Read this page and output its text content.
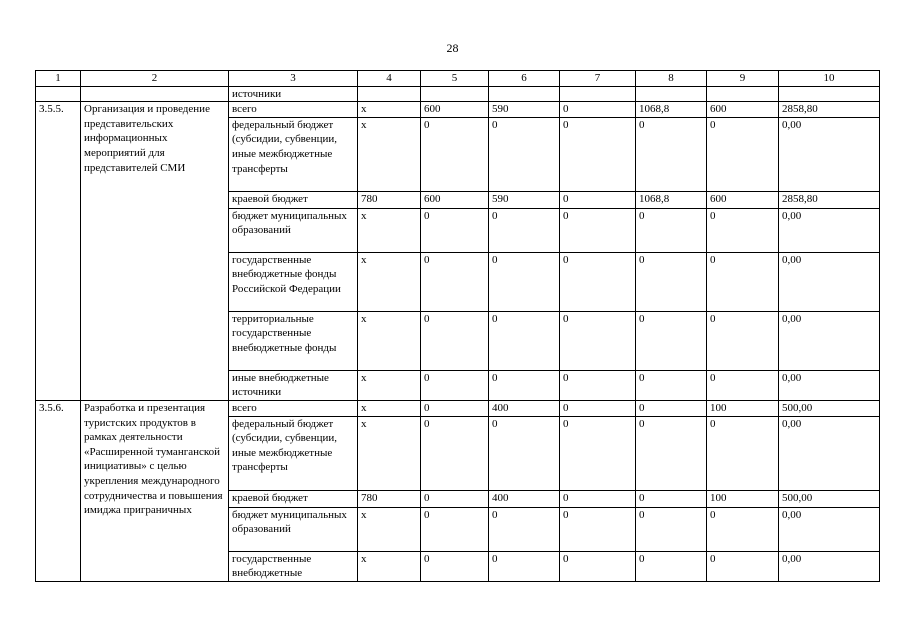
28
1	2	3	4	5	6	7	8	9	10
		источники							
3.5.5.	Организация и проведение представительских информационных мероприятий для представителей СМИ	всего	х	600	590	0	1068,8	600	2858,80
		федеральный бюджет (субсидии, субвенции, иные межбюджетные трансферты	х	0	0	0	0	0	0,00
		краевой бюджет	780	600	590	0	1068,8	600	2858,80
		бюджет муниципальных образований	х	0	0	0	0	0	0,00
		государственные внебюджетные фонды Российской Федерации	х	0	0	0	0	0	0,00
		территориальные государственные внебюджетные фонды	х	0	0	0	0	0	0,00
		иные внебюджетные источники	х	0	0	0	0	0	0,00
3.5.6.	Разработка и презентация туристских продуктов в рамках деятельности «Расширенной туманганской инициативы» с целью укрепления международного сотрудничества и повышения имиджа приграничных	всего	х	0	400	0	0	100	500,00
		федеральный бюджет (субсидии, субвенции, иные межбюджетные трансферты	х	0	0	0	0	0	0,00
		краевой бюджет	780	0	400	0	0	100	500,00
		бюджет муниципальных образований	х	0	0	0	0	0	0,00
		государственные внебюджетные	х	0	0	0	0	0	0,00
